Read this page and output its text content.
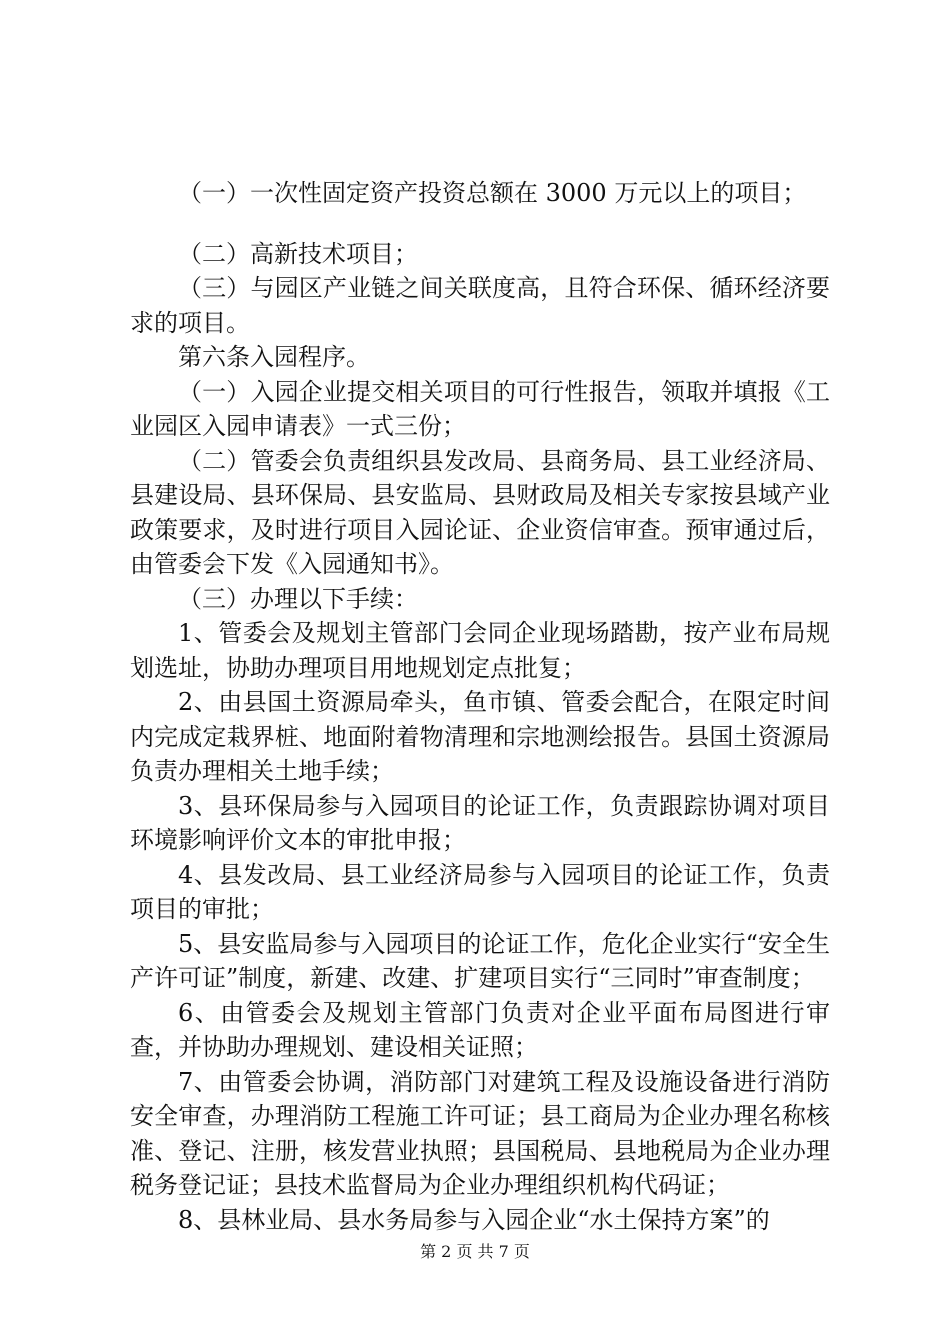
（一）一次性固定资产投资总额在 3000 万元以上的项目；

（二）高新技术项目；

（三）与园区产业链之间关联度高，且符合环保、循环经济要求的项目。

第六条入园程序。

（一）入园企业提交相关项目的可行性报告，领取并填报《工业园区入园申请表》一式三份；

（二）管委会负责组织县发改局、县商务局、县工业经济局、县建设局、县环保局、县安监局、县财政局及相关专家按县域产业政策要求，及时进行项目入园论证、企业资信审查。预审通过后，由管委会下发《入园通知书》。

（三）办理以下手续：

1、管委会及规划主管部门会同企业现场踏勘，按产业布局规划选址，协助办理项目用地规划定点批复；

2、由县国土资源局牵头，鱼市镇、管委会配合，在限定时间内完成定栽界桩、地面附着物清理和宗地测绘报告。县国土资源局负责办理相关土地手续；

3、县环保局参与入园项目的论证工作，负责跟踪协调对项目环境影响评价文本的审批申报；

4、县发改局、县工业经济局参与入园项目的论证工作，负责项目的审批；

5、县安监局参与入园项目的论证工作，危化企业实行“安全生产许可证”制度，新建、改建、扩建项目实行“三同时”审查制度；

6、由管委会及规划主管部门负责对企业平面布局图进行审查，并协助办理规划、建设相关证照；

7、由管委会协调，消防部门对建筑工程及设施设备进行消防安全审查，办理消防工程施工许可证；县工商局为企业办理名称核准、登记、注册，核发营业执照；县国税局、县地税局为企业办理税务登记证；县技术监督局为企业办理组织机构代码证；

8、县林业局、县水务局参与入园企业“水土保持方案”的

第 2 页 共 7 页
